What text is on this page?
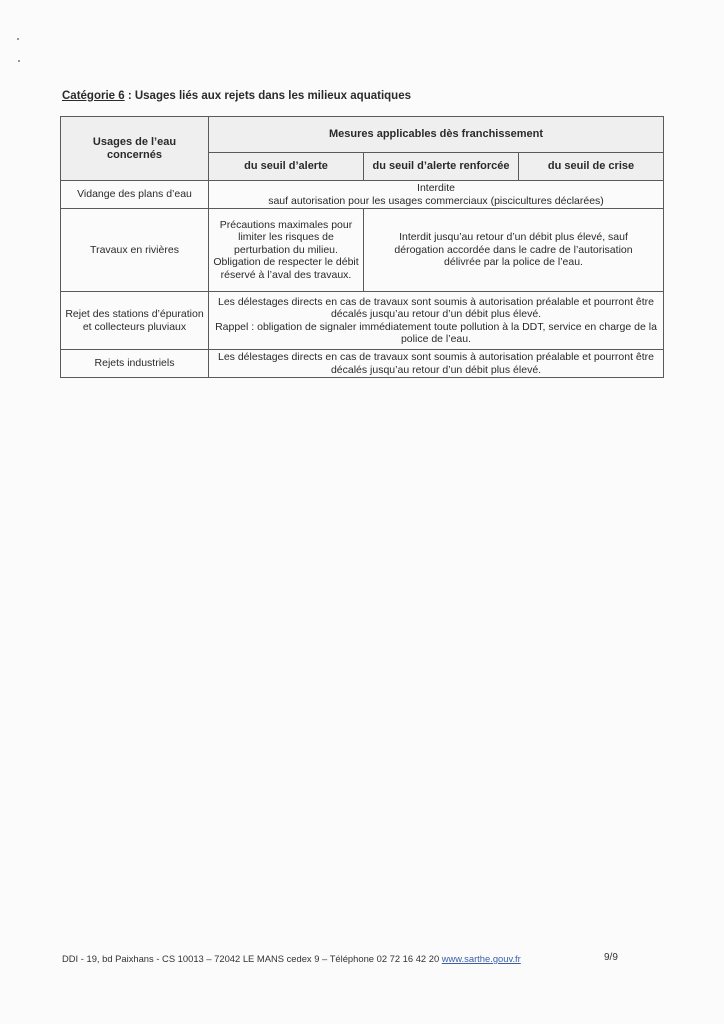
Catégorie 6 : Usages liés aux rejets dans les milieux aquatiques
Usages de l’eau concernés	Mesures applicables dès franchissement		
	du seuil d’alerte	du seuil d’alerte renforcée	du seuil de crise
Vidange des plans d’eau	Interdite
sauf autorisation pour les usages commerciaux (piscicultures déclarées)		

Travaux en rivières	Précautions maximales pour limiter les risques de perturbation du milieu. Obligation de respecter le débit réservé à l’aval des travaux.	Interdit jusqu’au retour d’un débit plus élevé, sauf dérogation accordée dans le cadre de l’autorisation délivrée par la police de l’eau.	
Rejet des stations d’épuration et collecteurs pluviaux	Les délestages directs en cas de travaux sont soumis à autorisation préalable et pourront être décalés jusqu’au retour d’un débit plus élevé.
Rappel : obligation de signaler immédiatement toute pollution à la DDT, service en charge de la police de l’eau.		

Rejets industriels	Les délestages directs en cas de travaux sont soumis à autorisation préalable et pourront être décalés jusqu’au retour d’un débit plus élevé.		
DDI - 19, bd Paixhans - CS 10013 – 72042 LE MANS cedex 9 – Téléphone 02 72 16 42 20 www.sarthe.gouv.fr	9/9
